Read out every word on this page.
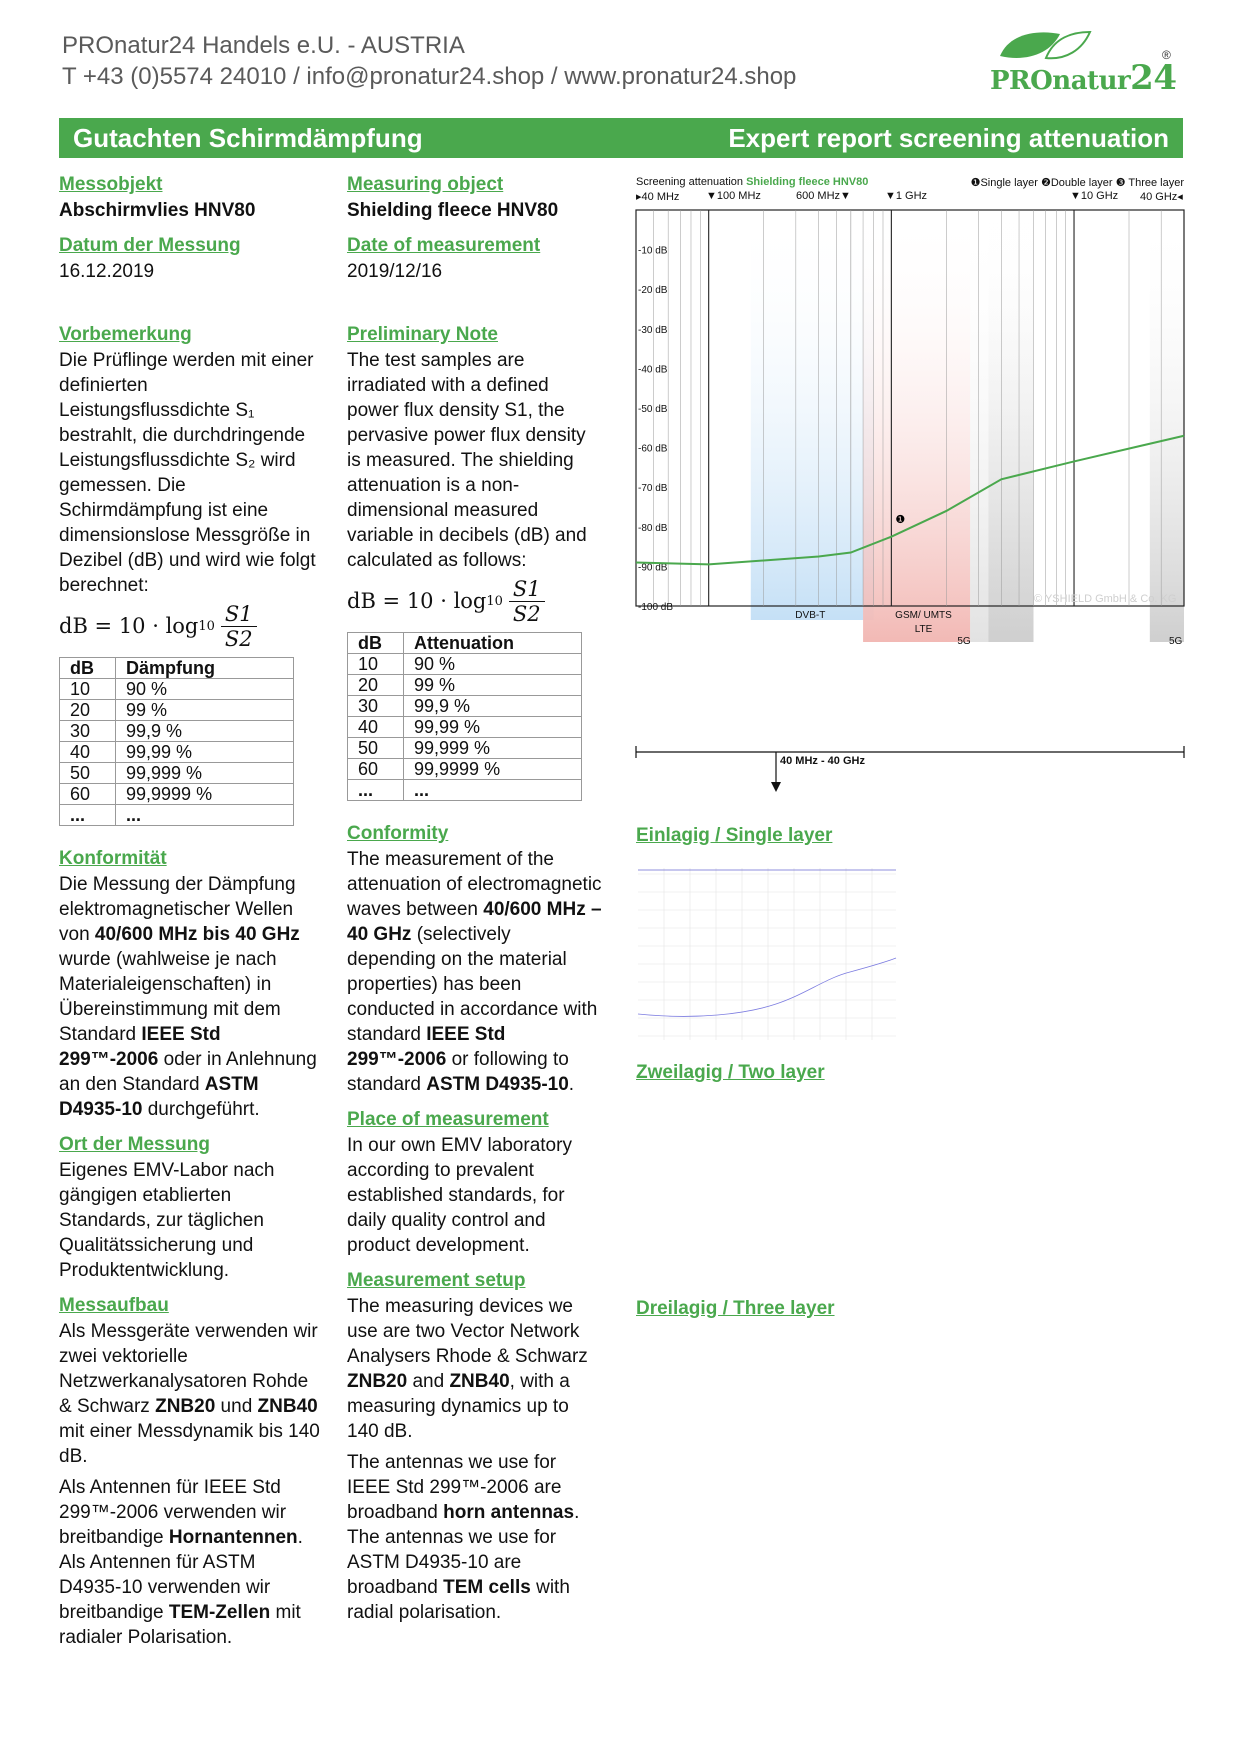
PROnatur24 Handels e.U. - AUSTRIA
T +43 (0)5574 24010 / info@pronatur24.shop / www.pronatur24.shop	PROnatur24
®
Gutachten Schirmdämpfung	Expert report screening attenuation
Messobjekt
Abschirmvlies HNV80
Datum der Messung
16.12.2019
Vorbemerkung
Die Prüflinge werden mit einer definierten Leistungsflussdichte S₁ bestrahlt, die durchdringende Leistungsflussdichte S₂ wird gemessen. Die Schirmdämpfung ist eine dimensionslose Messgröße in Dezibel (dB) und wird wie folgt berechnet:
dB = $10 \cdot \log 10 \frac{S1}{S2}$
dB	Dämpfung
10	90 %
20	99 %
30	99,9 %
40	99,99 %
50	99,999 %
60	99,9999 %
...	...
Konformität
Die Messung der Dämpfung elektromagnetischer Wellen von 40/600 MHz bis 40 GHz wurde (wahlweise je nach Materialeigenschaften) in Übereinstimmung mit dem Standard IEEE Std 299™-2006 oder in Anlehnung an den Standard ASTM D4935-10 durchgeführt.
Ort der Messung
Eigenes EMV-Labor nach gängigen etablierten Standards, zur täglichen Qualitätssicherung und Produktentwicklung.
Messaufbau
Als Messgeräte verwenden wir zwei vektorielle Netzwerkanalysatoren Rohde & Schwarz ZNB20 und ZNB40 mit einer Messdynamik bis 140 dB.
Als Antennen für IEEE Std 299™-2006 verwenden wir breitbandige Hornantennen. Als Antennen für ASTM D4935-10 verwenden wir breitbandige TEM-Zellen mit radialer Polarisation.
Measuring object
Shielding fleece HNV80
Date of measurement
2019/12/16
Preliminary Note
The test samples are irradiated with a defined power flux density S1, the pervasive power flux density is measured. The shielding attenuation is a non-dimensional measured variable in decibels (dB) and calculated as follows:
dB = $10 \cdot \log 10 \frac{S1}{S2}$
dB	Attenuation
10	90 %
20	99 %
30	99,9 %
40	99,99 %
50	99,999 %
60	99,9999 %
...	...
Conformity
The measurement of the attenuation of electromagnetic waves between 40/600 MHz – 40 GHz (selectively depending on the material properties) has been conducted in accordance with standard IEEE Std 299™-2006 or following to standard ASTM D4935-10.
Place of measurement
In our own EMV laboratory according to prevalent established standards, for daily quality control and product development.
Measurement setup
The measuring devices we use are two Vector Network Analysers Rhode & Schwarz ZNB20 and ZNB40, with a measuring dynamics up to 140 dB.
The antennas we use for IEEE Std 299™-2006 are broadband horn antennas. The antennas we use for ASTM D4935-10 are broadband TEM cells with radial polarisation.
Screening attenuation Shielding fleece HNV80	❶Single layer ❷Double layer ❸ Three layer
▸40 MHz ▼100 MHz	600 MHz▼	▼1 GHz	▼10 GHz 40 GHz◂
-10 dB
-20 dB
-30 dB
-40 dB
-50 dB
-60 dB
-70 dB
-80 dB
-90 dB
-100 dB
DVB-T	GSM/ UMTS
LTE
5G	5G
❶
© YSHIELD GmbH & Co. KG
40 MHz - 40 GHz
Einlagig / Single layer
Zweilagig / Two layer
Dreilagig / Three layer
